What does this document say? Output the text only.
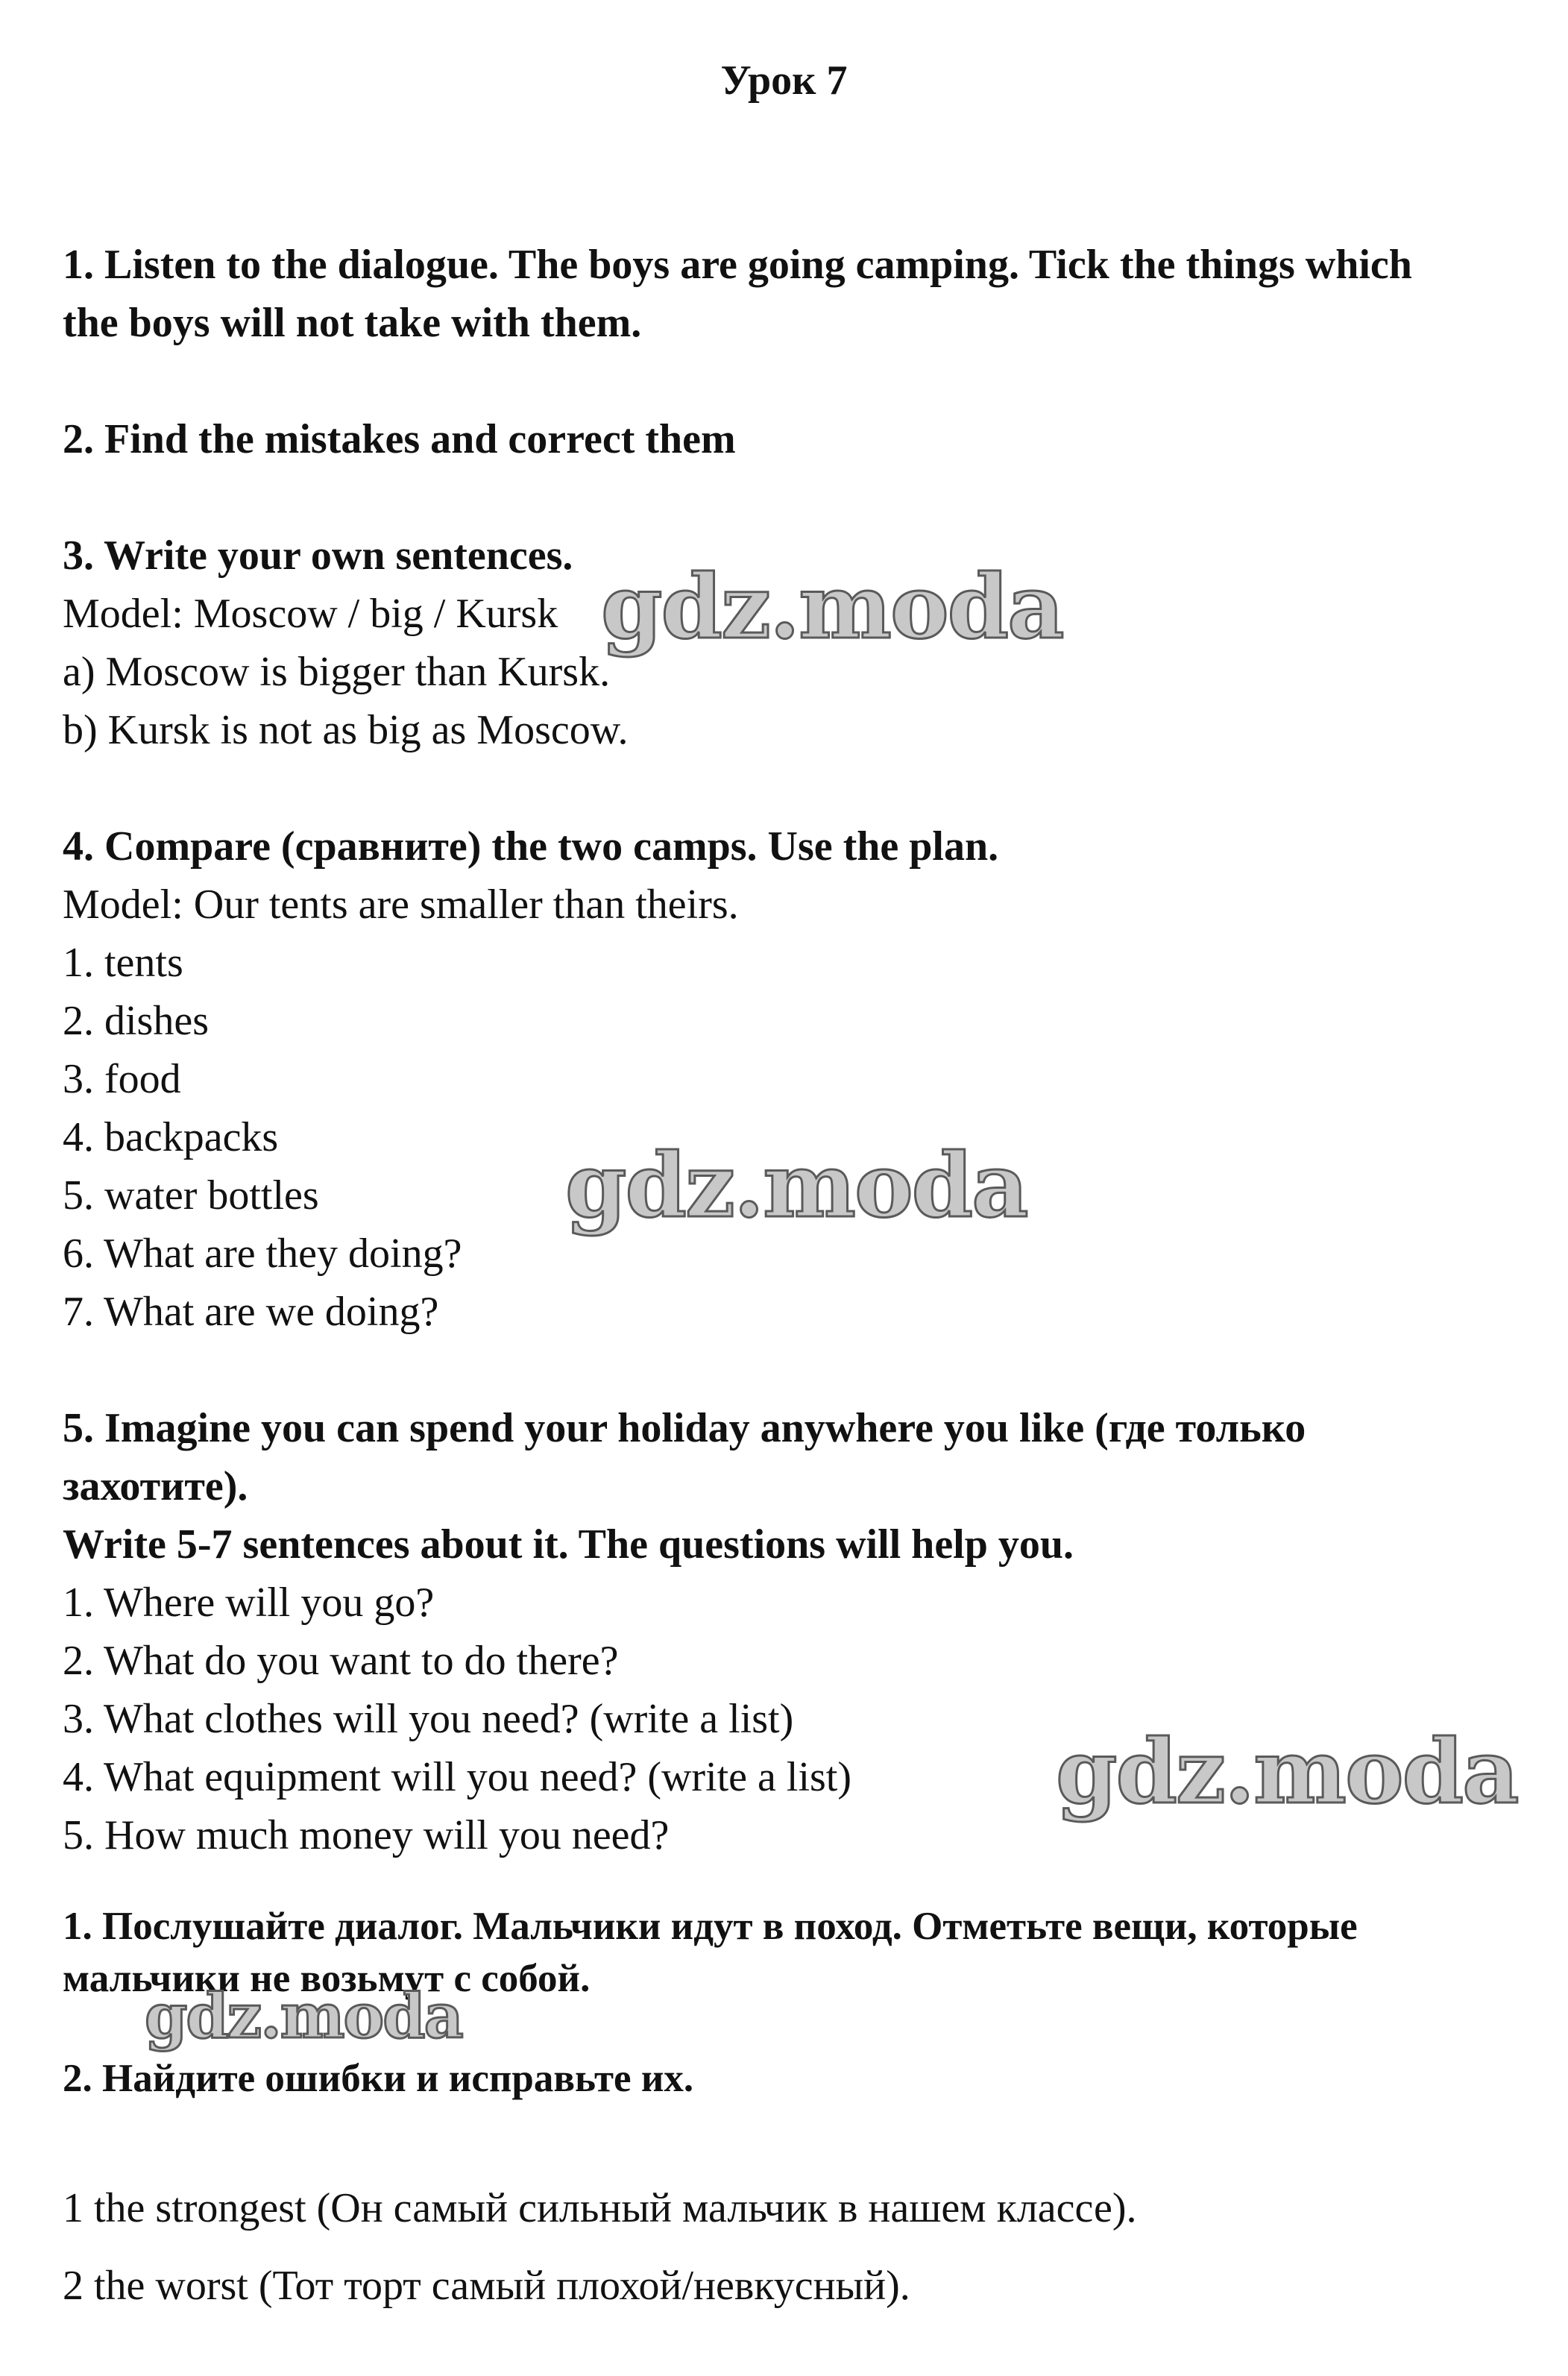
Урок 7
1. Listen to the dialogue. The boys are going camping. Tick the things which
the boys will not take with them.
2. Find the mistakes and correct them
3. Write your own sentences.
Model: Moscow / big / Kursk
a) Moscow is bigger than Kursk.
b) Kursk is not as big as Moscow.
4. Compare (сравните) the two camps. Use the plan.
Model: Our tents are smaller than theirs.
1. tents
2. dishes
3. food
4. backpacks
5. water bottles
6. What are they doing?
7. What are we doing?
5. Imagine you can spend your holiday anywhere you like (где только
захотите).
Write 5-7 sentences about it. The questions will help you.
1. Where will you go?
2. What do you want to do there?
3. What clothes will you need? (write a list)
4. What equipment will you need? (write a list)
5. How much money will you need?
1. Послушайте диалог. Мальчики идут в поход. Отметьте вещи, которые
мальчики не возьмут с собой.
2. Найдите ошибки и исправьте их.
1 the strongest (Он самый сильный мальчик в нашем классе).
2 the worst (Тот торт самый плохой/невкусный).
gdz.moda
gdz.moda
gdz.moda
gdz.moda
